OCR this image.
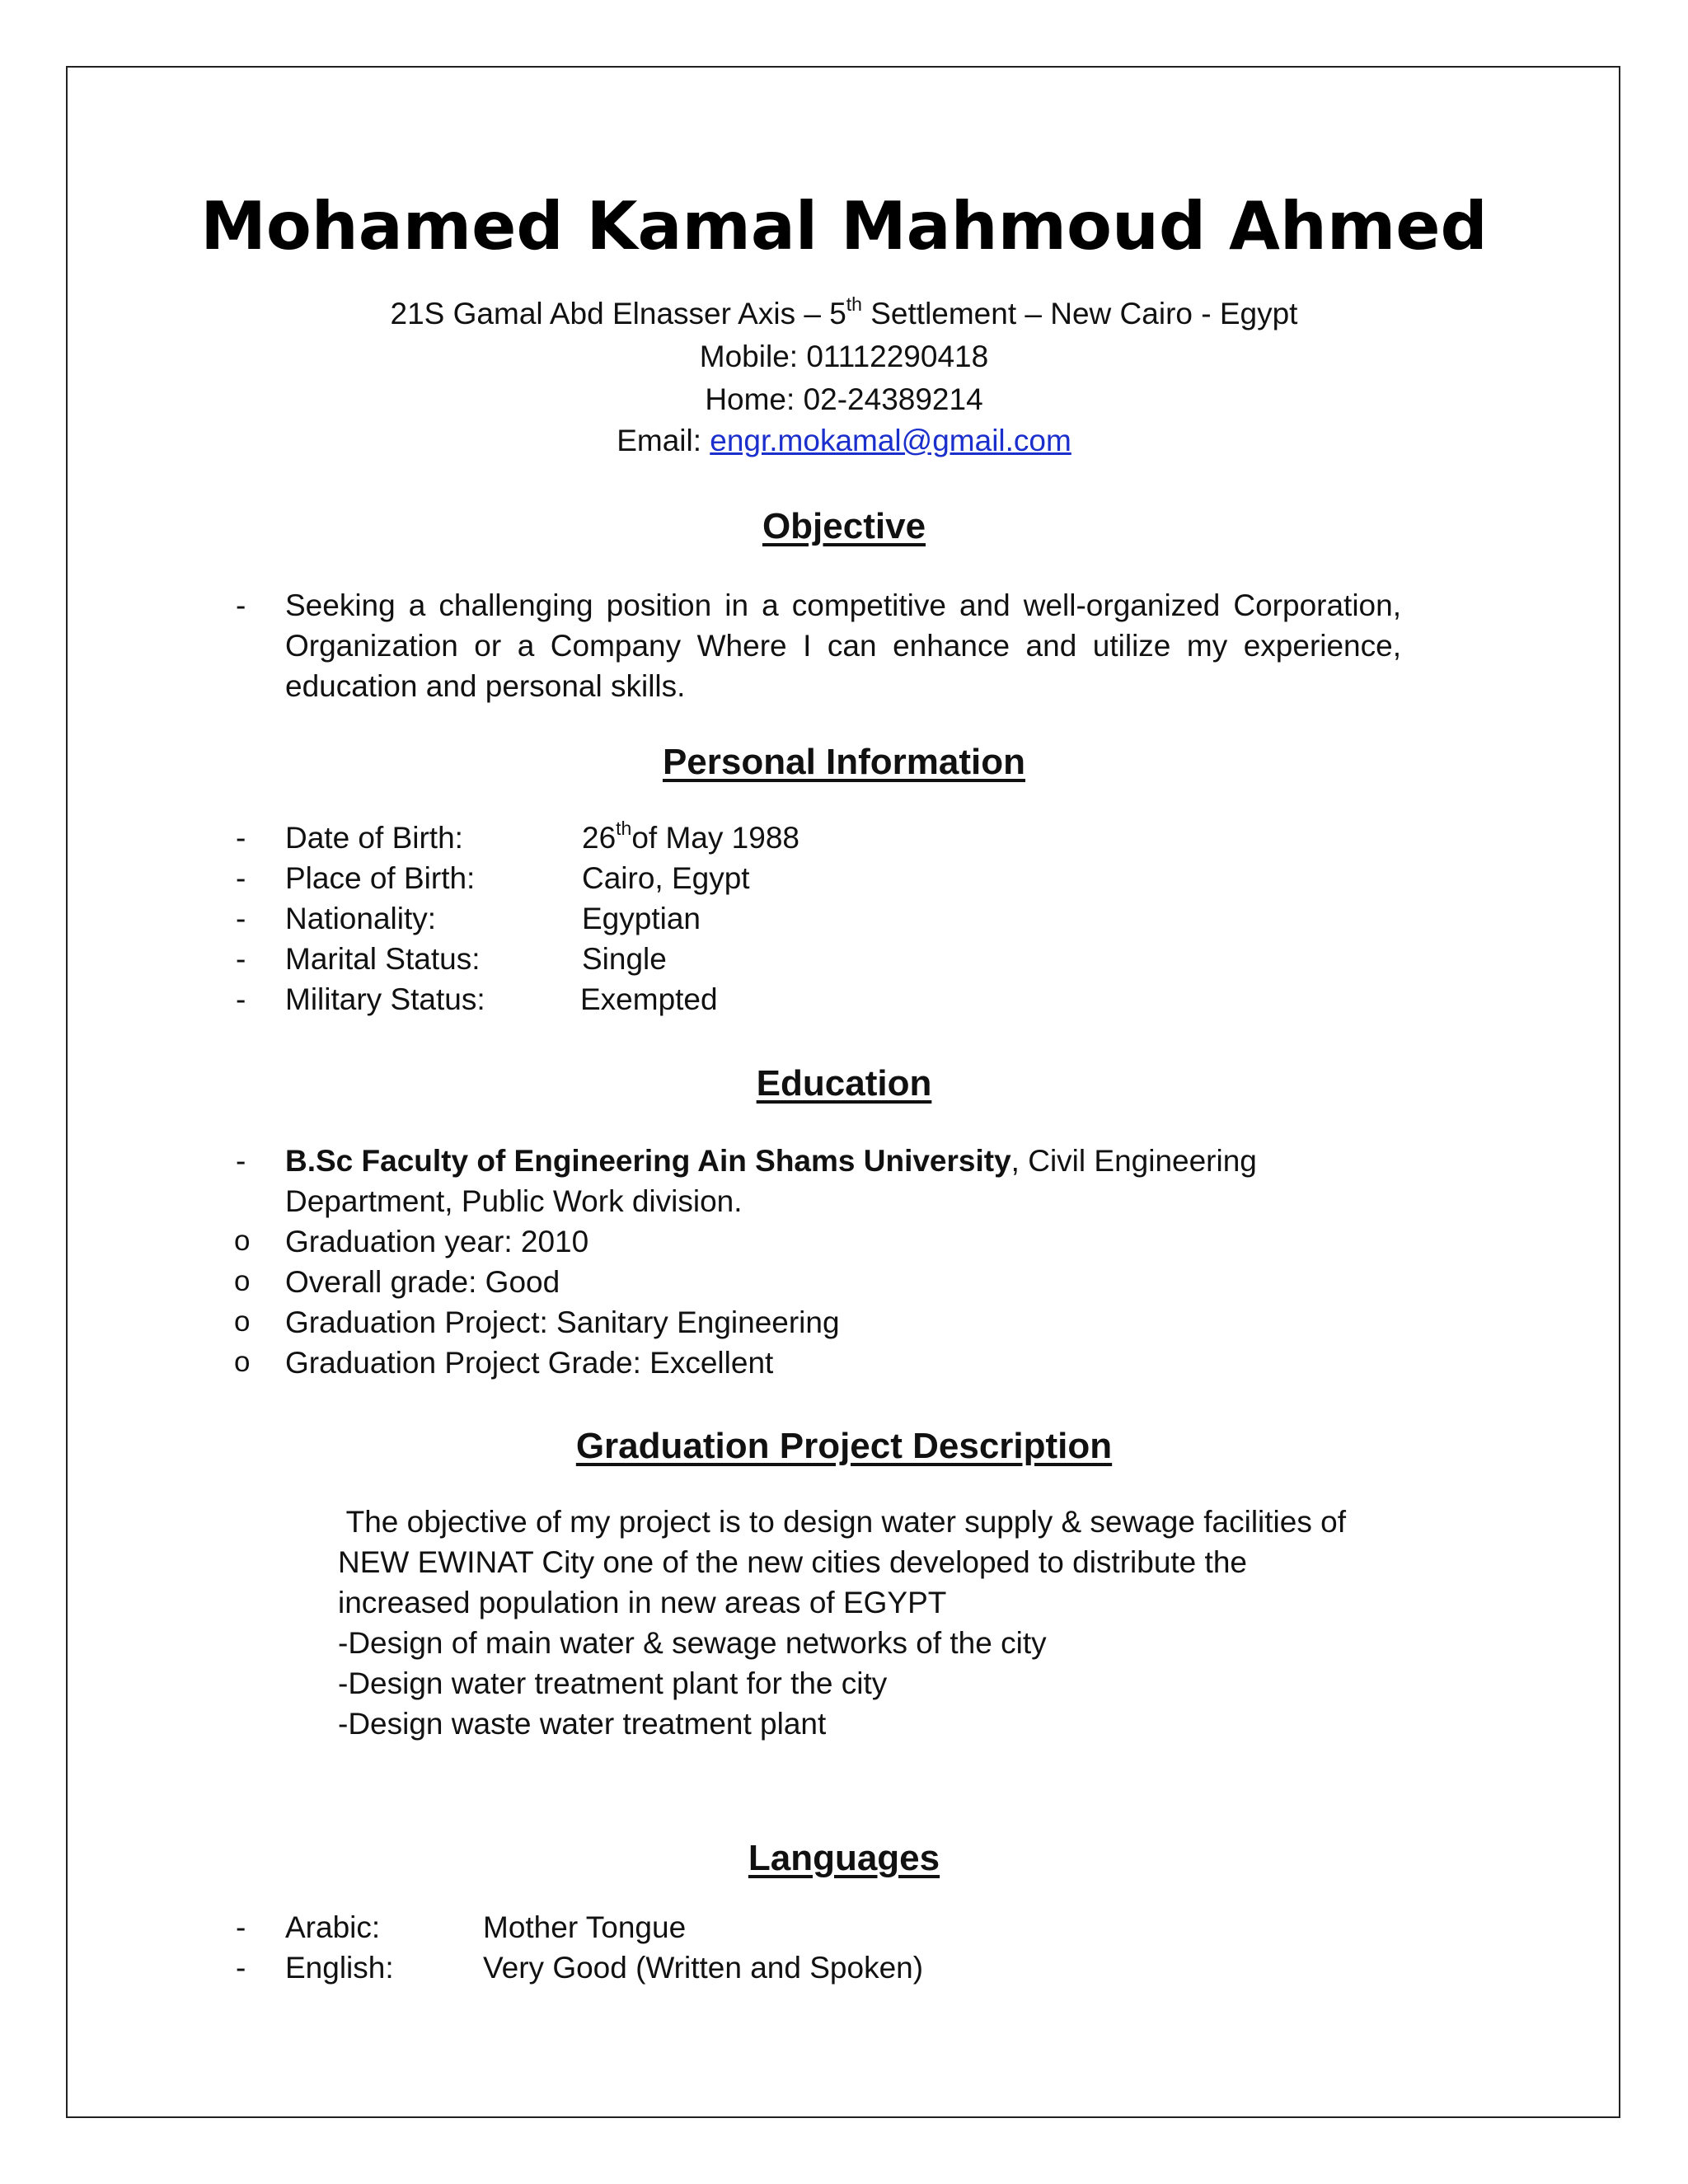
Mohamed Kamal Mahmoud Ahmed
21S Gamal Abd Elnasser Axis – 5th Settlement – New Cairo - Egypt
Mobile: 01112290418
Home: 02-24389214
Email: engr.mokamal@gmail.com
Objective
- Seeking a challenging position in a competitive and well-organized Corporation, Organization or a Company Where I can enhance and utilize my experience, education and personal skills.
Personal Information
- Date of Birth:	26thof May 1988
- Place of Birth:	Cairo, Egypt
- Nationality:	Egyptian
- Marital Status:	Single
- Military Status:	Exempted
Education
- B.Sc Faculty of Engineering Ain Shams University, Civil Engineering Department, Public Work division.
o Graduation year: 2010
o Overall grade: Good
o Graduation Project: Sanitary Engineering
o Graduation Project Grade: Excellent
Graduation Project Description
The objective of my project is to design water supply & sewage facilities of
NEW EWINAT City one of the new cities developed to distribute the
increased population in new areas of EGYPT
-Design of main water & sewage networks of the city
-Design water treatment plant for the city
-Design waste water treatment plant
Languages
- Arabic:	Mother Tongue
- English:	Very Good (Written and Spoken)
